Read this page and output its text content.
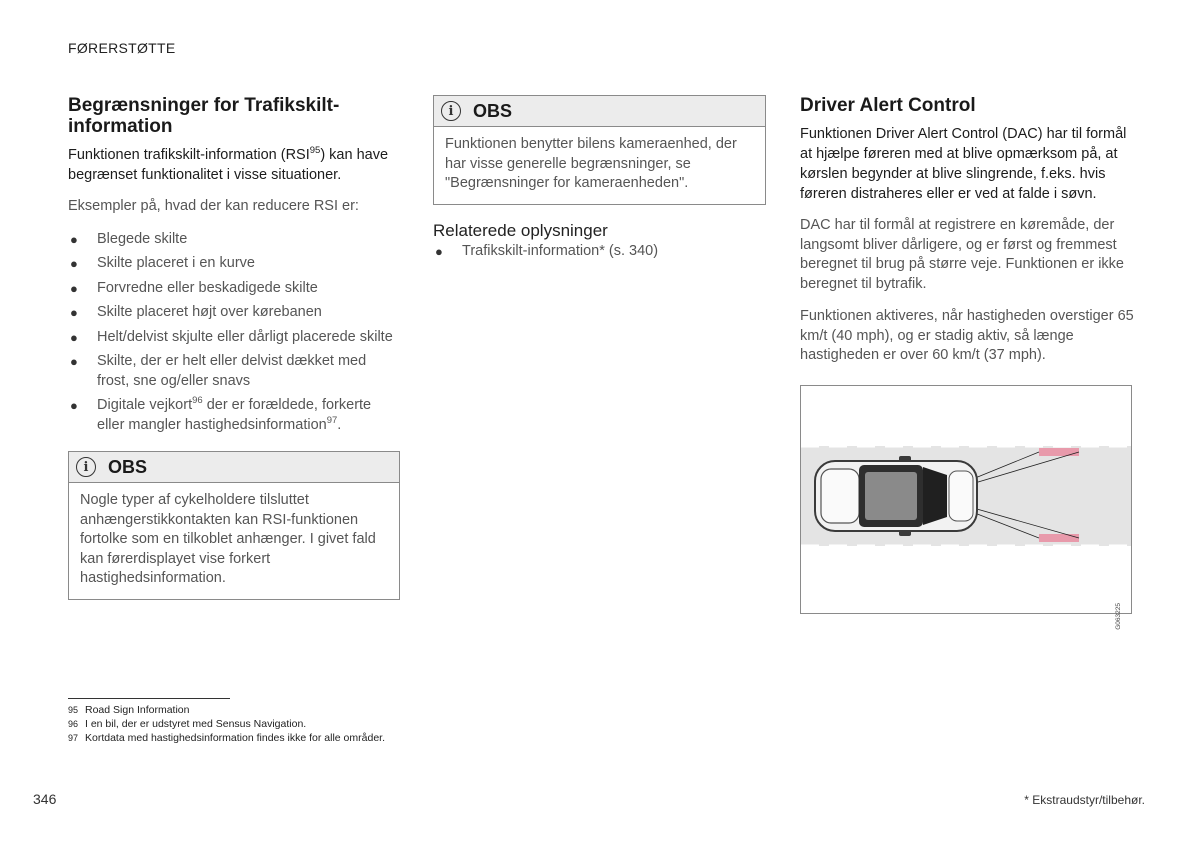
FØRERSTØTTE
Begrænsninger for Trafikskilt-information

Funktionen trafikskilt-information (RSI$^{95}$) kan have begrænset funktionalitet i visse situationer.

Eksempler på, hvad der kan reducere RSI er:

● Blegede skilte
● Skilte placeret i en kurve
● Forvredne eller beskadigede skilte
● Skilte placeret højt over kørebanen
● Helt/delvist skjulte eller dårligt placerede skilte
● Skilte, der er helt eller delvist dækket med frost, sne og/eller snavs
● Digitale vejkort$^{96}$ der er forældede, forkerte eller mangler hastighedsinformation$^{97}$.
i	OBS
Nogle typer af cykelholdere tilsluttet anhængerstikkontakten kan RSI-funktionen fortolke som en tilkoblet anhænger. I givet fald kan førerdisplayet vise forkert hastighedsinformation.
i	OBS
Funktionen benytter bilens kameraenhed, der har visse generelle begrænsninger, se "Begrænsninger for kameraenheden".
Relaterede oplysninger
● Trafikskilt-information* (s. 340)
Driver Alert Control

Funktionen Driver Alert Control (DAC) har til formål at hjælpe føreren med at blive opmærksom på, at kørslen begynder at blive slingrende, f.eks. hvis føreren distraheres eller er ved at falde i søvn.

DAC har til formål at registrere en køremåde, der langsomt bliver dårligere, og er først og fremmest beregnet til brug på større veje. Funktionen er ikke beregnet til bytrafik.

Funktionen aktiveres, når hastigheden overstiger 65 km/t (40 mph), og er stadig aktiv, så længe hastigheden er over 60 km/t (37 mph).

G063225
95 Road Sign Information
96 I en bil, der er udstyret med Sensus Navigation.
97 Kortdata med hastighedsinformation findes ikke for alle områder.
346	* Ekstraudstyr/tilbehør.
